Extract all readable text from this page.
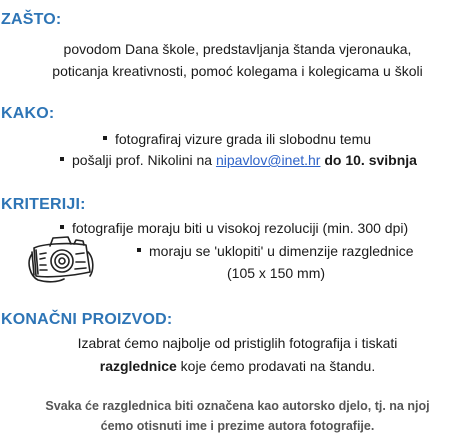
ZAŠTO:
povodom Dana škole, predstavljanja štanda vjeronauka,
poticanja kreativnosti, pomoć kolegama i kolegicama u školi
KAKO:
fotografiraj vizure grada ili slobodnu temu
pošalji prof. Nikolini na nipavlov@inet.hr do 10. svibnja
KRITERIJI:
fotografije moraju biti u visokoj rezoluciji (min. 300 dpi)
moraju se 'uklopiti' u dimenzije razglednice
(105 x 150 mm)
KONAČNI PROIZVOD:
Izabrat ćemo najbolje od pristiglih fotografija i tiskati
razglednice koje ćemo prodavati na štandu.
Svaka će razglednica biti označena kao autorsko djelo, tj. na njoj
ćemo otisnuti ime i prezime autora fotografije.
